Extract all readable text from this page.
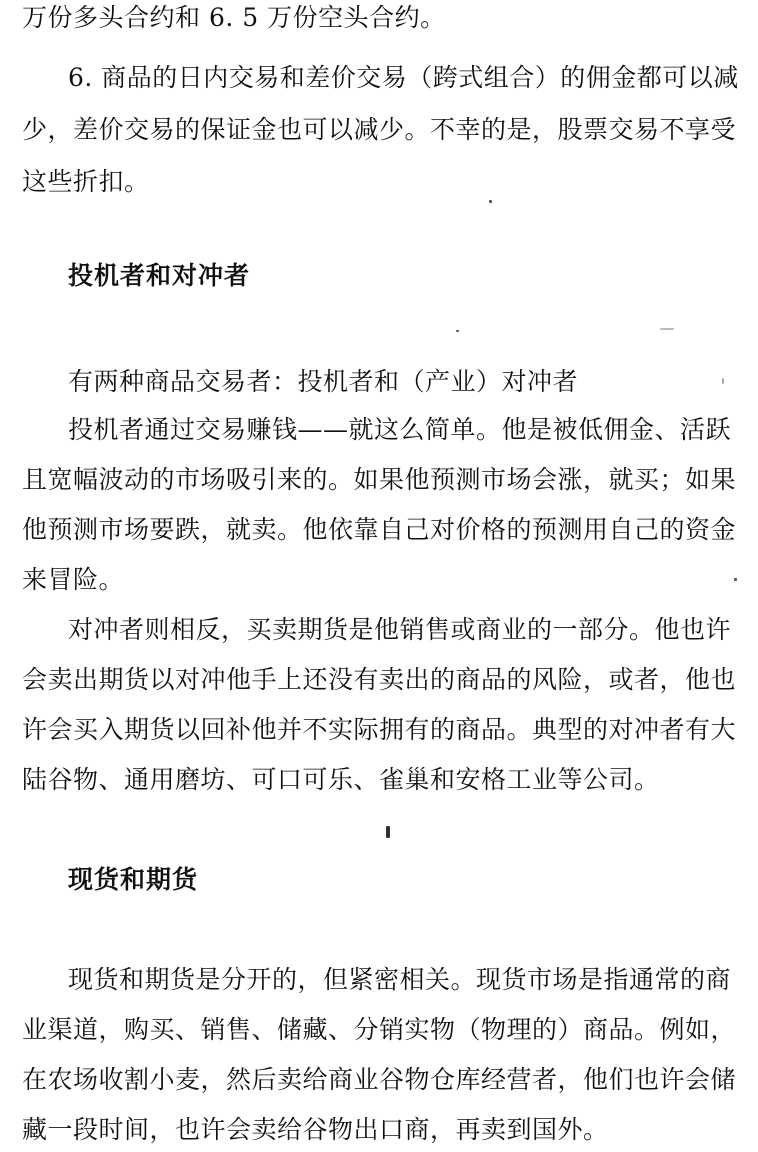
万份多头合约和 6. 5 万份空头合约。
6. 商品的日内交易和差价交易（跨式组合）的佣金都可以减
少，差价交易的保证金也可以减少。不幸的是，股票交易不享受
这些折扣。
投机者和对冲者
有两种商品交易者：投机者和（产业）对冲者
投机者通过交易赚钱——就这么简单。他是被低佣金、活跃
且宽幅波动的市场吸引来的。如果他预测市场会涨，就买；如果
他预测市场要跌，就卖。他依靠自己对价格的预测用自己的资金
来冒险。
对冲者则相反，买卖期货是他销售或商业的一部分。他也许
会卖出期货以对冲他手上还没有卖出的商品的风险，或者，他也
许会买入期货以回补他并不实际拥有的商品。典型的对冲者有大
陆谷物、通用磨坊、可口可乐、雀巢和安格工业等公司。
现货和期货
现货和期货是分开的，但紧密相关。现货市场是指通常的商
业渠道，购买、销售、储藏、分销实物（物理的）商品。例如，
在农场收割小麦，然后卖给商业谷物仓库经营者，他们也许会储
藏一段时间，也许会卖给谷物出口商，再卖到国外。
